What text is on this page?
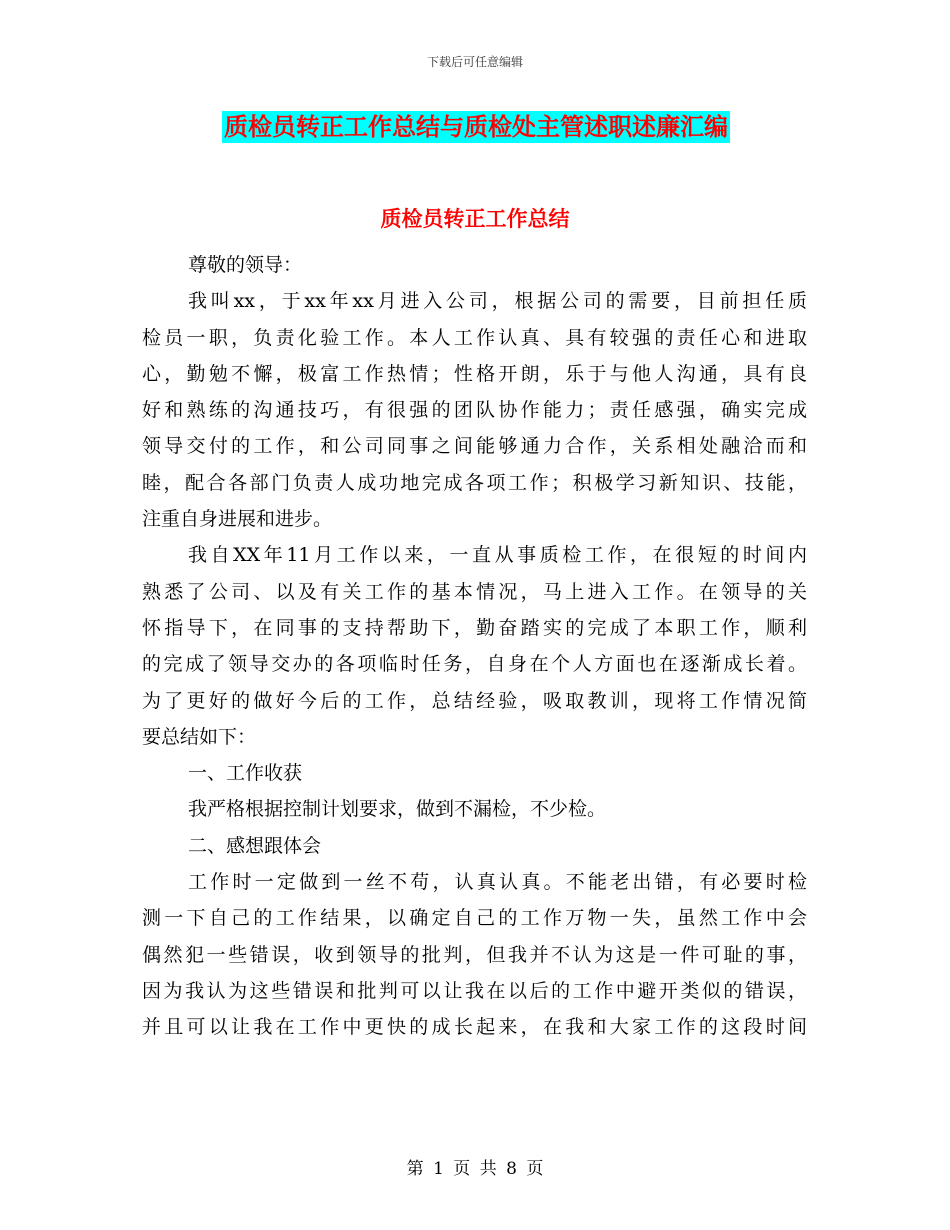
下载后可任意编辑
质检员转正工作总结与质检处主管述职述廉汇编
质检员转正工作总结
尊敬的领导：
我叫xx，于xx年xx月进入公司，根据公司的需要，目前担任质
检员一职，负责化验工作。本人工作认真、具有较强的责任心和进取
心，勤勉不懈，极富工作热情；性格开朗，乐于与他人沟通，具有良
好和熟练的沟通技巧，有很强的团队协作能力；责任感强，确实完成
领导交付的工作，和公司同事之间能够通力合作，关系相处融洽而和
睦，配合各部门负责人成功地完成各项工作；积极学习新知识、技能，
注重自身进展和进步。
我自XX年11月工作以来，一直从事质检工作，在很短的时间内
熟悉了公司、以及有关工作的基本情况，马上进入工作。在领导的关
怀指导下，在同事的支持帮助下，勤奋踏实的完成了本职工作，顺利
的完成了领导交办的各项临时任务，自身在个人方面也在逐渐成长着。
为了更好的做好今后的工作，总结经验，吸取教训，现将工作情况简
要总结如下：
一、工作收获
我严格根据控制计划要求，做到不漏检，不少检。
二、感想跟体会
工作时一定做到一丝不苟，认真认真。不能老出错，有必要时检
测一下自己的工作结果，以确定自己的工作万物一失，虽然工作中会
偶然犯一些错误，收到领导的批判，但我并不认为这是一件可耻的事，
因为我认为这些错误和批判可以让我在以后的工作中避开类似的错误，
并且可以让我在工作中更快的成长起来，在我和大家工作的这段时间
第 1 页 共 8 页
